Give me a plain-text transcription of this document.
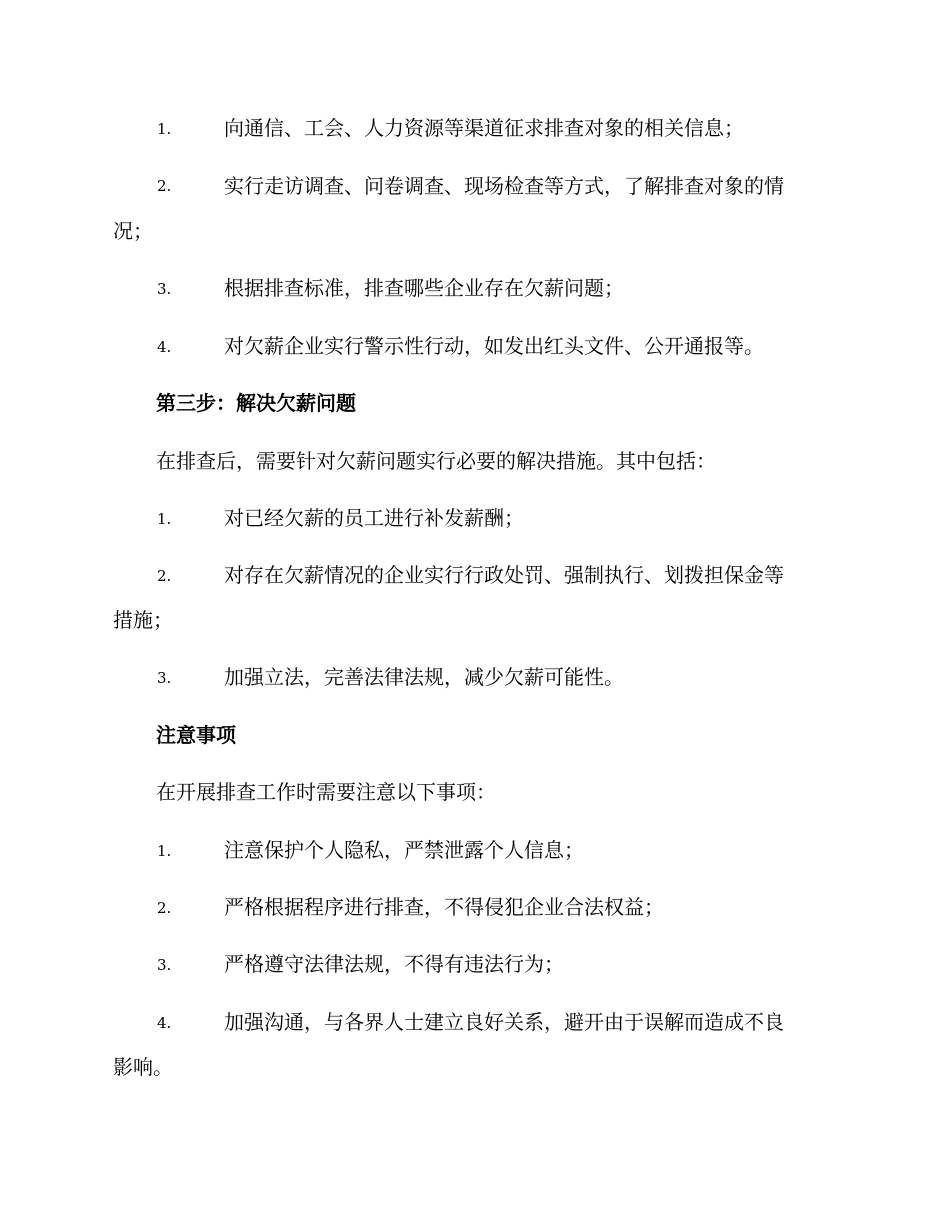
1.	向通信、工会、人力资源等渠道征求排查对象的相关信息；
2.	实行走访调查、问卷调查、现场检查等方式，了解排查对象的情
况；
3.	根据排查标准，排查哪些企业存在欠薪问题；
4.	对欠薪企业实行警示性行动，如发出红头文件、公开通报等。
第三步：解决欠薪问题
在排查后，需要针对欠薪问题实行必要的解决措施。其中包括：
1.	对已经欠薪的员工进行补发薪酬；
2.	对存在欠薪情况的企业实行行政处罚、强制执行、划拨担保金等
措施；
3.	加强立法，完善法律法规，减少欠薪可能性。
注意事项
在开展排查工作时需要注意以下事项：
1.	注意保护个人隐私，严禁泄露个人信息；
2.	严格根据程序进行排查，不得侵犯企业合法权益；
3.	严格遵守法律法规，不得有违法行为；
4.	加强沟通，与各界人士建立良好关系，避开由于误解而造成不良
影响。
